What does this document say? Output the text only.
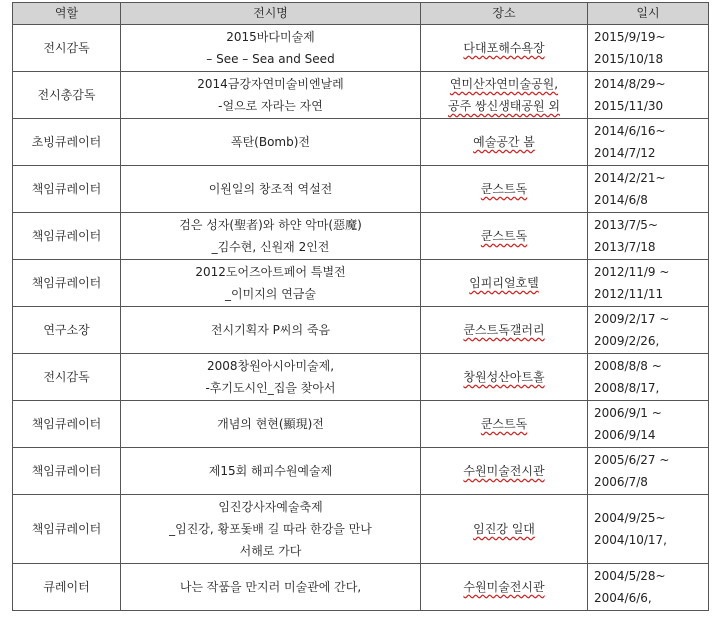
역할	전시명	장소	일시
전시감독	2015바다미술제
– See – Sea and Seed	다대포해수욕장	2015/9/19~
2015/10/18

전시총감독	2014금강자연미술비엔날레
-얼으로 자라는 자연	연미산자연미술공원,
공주 쌍신생태공원 외	2014/8/29~
2015/11/30

초빙큐레이터	폭탄(Bomb)전	예술공간 봄	2014/6/16~
2014/7/12

책임큐레이터	이원일의 창조적 역설전	쿤스트독	2014/2/21~
2014/6/8

책임큐레이터	검은 성자(聖者)와 하얀 악마(惡魔)
_김수현, 신원재 2인전	쿤스트독	2013/7/5~
2013/7/18

책임큐레이터	2012도어즈아트페어 특별전
_이미지의 연금술	임피리얼호텔	2012/11/9 ~
2012/11/11

연구소장	전시기획자 P씨의 죽음	쿤스트독갤러리	2009/2/17 ~
2009/2/26,

전시감독	2008창원아시아미술제,
-후기도시인_집을 찾아서	창원성산아트홀	2008/8/8 ~
2008/8/17,

책임큐레이터	개념의 현현(顯現)전	쿤스트독	2006/9/1 ~
2006/9/14

책임큐레이터	제15회 해피수원예술제	수원미술전시관	2005/6/27 ~
2006/7/8

책임큐레이터	임진강사자예술축제
_임진강, 황포돛배 길 따라 한강을 만나
서해로 가다	임진강 일대	2004/9/25~
2004/10/17,

큐레이터	나는 작품을 만지러 미술관에 간다,	수원미술전시관	2004/5/28~
2004/6/6,
